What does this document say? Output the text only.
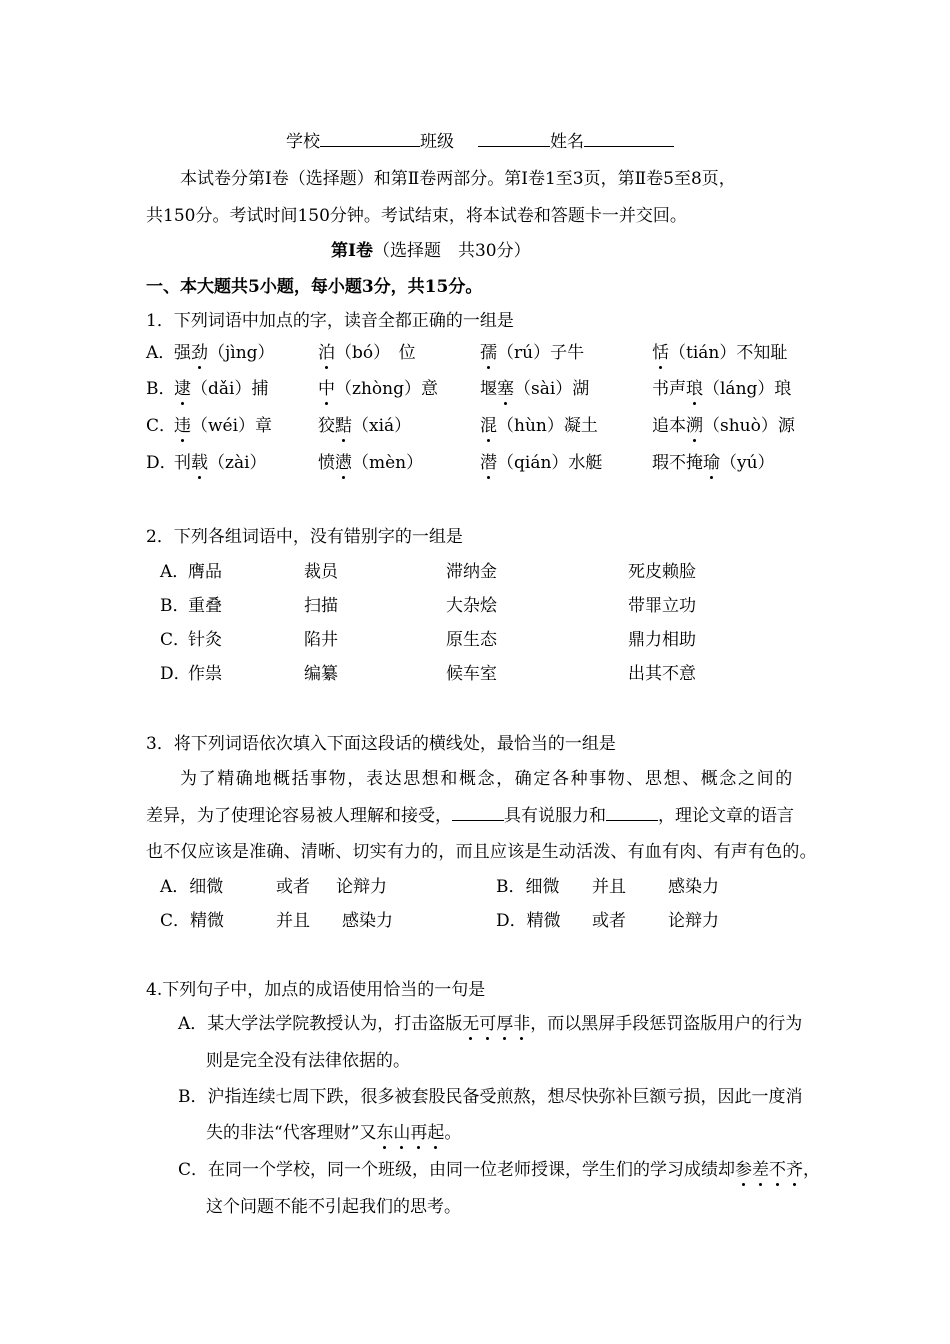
学校	班级	姓名
本试卷分第Ⅰ卷（选择题）和第Ⅱ卷两部分。第Ⅰ卷1至3页，第Ⅱ卷5至8页，
共150分。考试时间150分钟。考试结束，将本试卷和答题卡一并交回。
第Ⅰ卷（选择题　共30分）
一、本大题共5小题，每小题3分，共15分。
1．下列词语中加点的字，读音全都正确的一组是
A．
强劲（jìng）	泊（bó）　位	孺（rú）子牛	恬（tián）不知耻
B．
逮（dǎi）捕	中（zhòng）意 堰塞（sài）湖	书声琅（láng）琅
C．
违（wéi）章	狡黠（xiá）	混（hùn）凝土	追本溯（shuò）源
D．
刊载（zài）	愤懑（mèn）	潜（qián）水艇	瑕不掩瑜（yú）
2．下列各组词语中，没有错别字的一组是
A．
膺品	裁员	滞纳金	死皮赖脸
B．
重叠	扫描	大杂烩	带罪立功
C．
针灸	陷井	原生态	鼎力相助
D．
作祟	编纂	候车室	出其不意
3．将下列词语依次填入下面这段话的横线处，最恰当的一组是
为了精确地概括事物，表达思想和概念，确定各种事物、思想、概念之间的
差异，为了使理论容易被人理解和接受，	具有说服力和	，理论文章的语言
也不仅应该是准确、清晰、切实有力的，而且应该是生动活泼、有血有肉、有声有色的。
A．细微	或者 论辩力	B．细微 并且 感染力
C．精微	并且 感染力	D．精微 或者 论辩力
4.下列句子中，加点的成语使用恰当的一句是
A．某大学法学院教授认为，打击盗版无可厚非，而以黑屏手段惩罚盗版用户的行为
则是完全没有法律依据的。
B．沪指连续七周下跌，很多被套股民备受煎熬，想尽快弥补巨额亏损，因此一度消
失的非法“代客理财”又东山再起。
C．在同一个学校，同一个班级，由同一位老师授课，学生们的学习成绩却参差不齐，
这个问题不能不引起我们的思考。
